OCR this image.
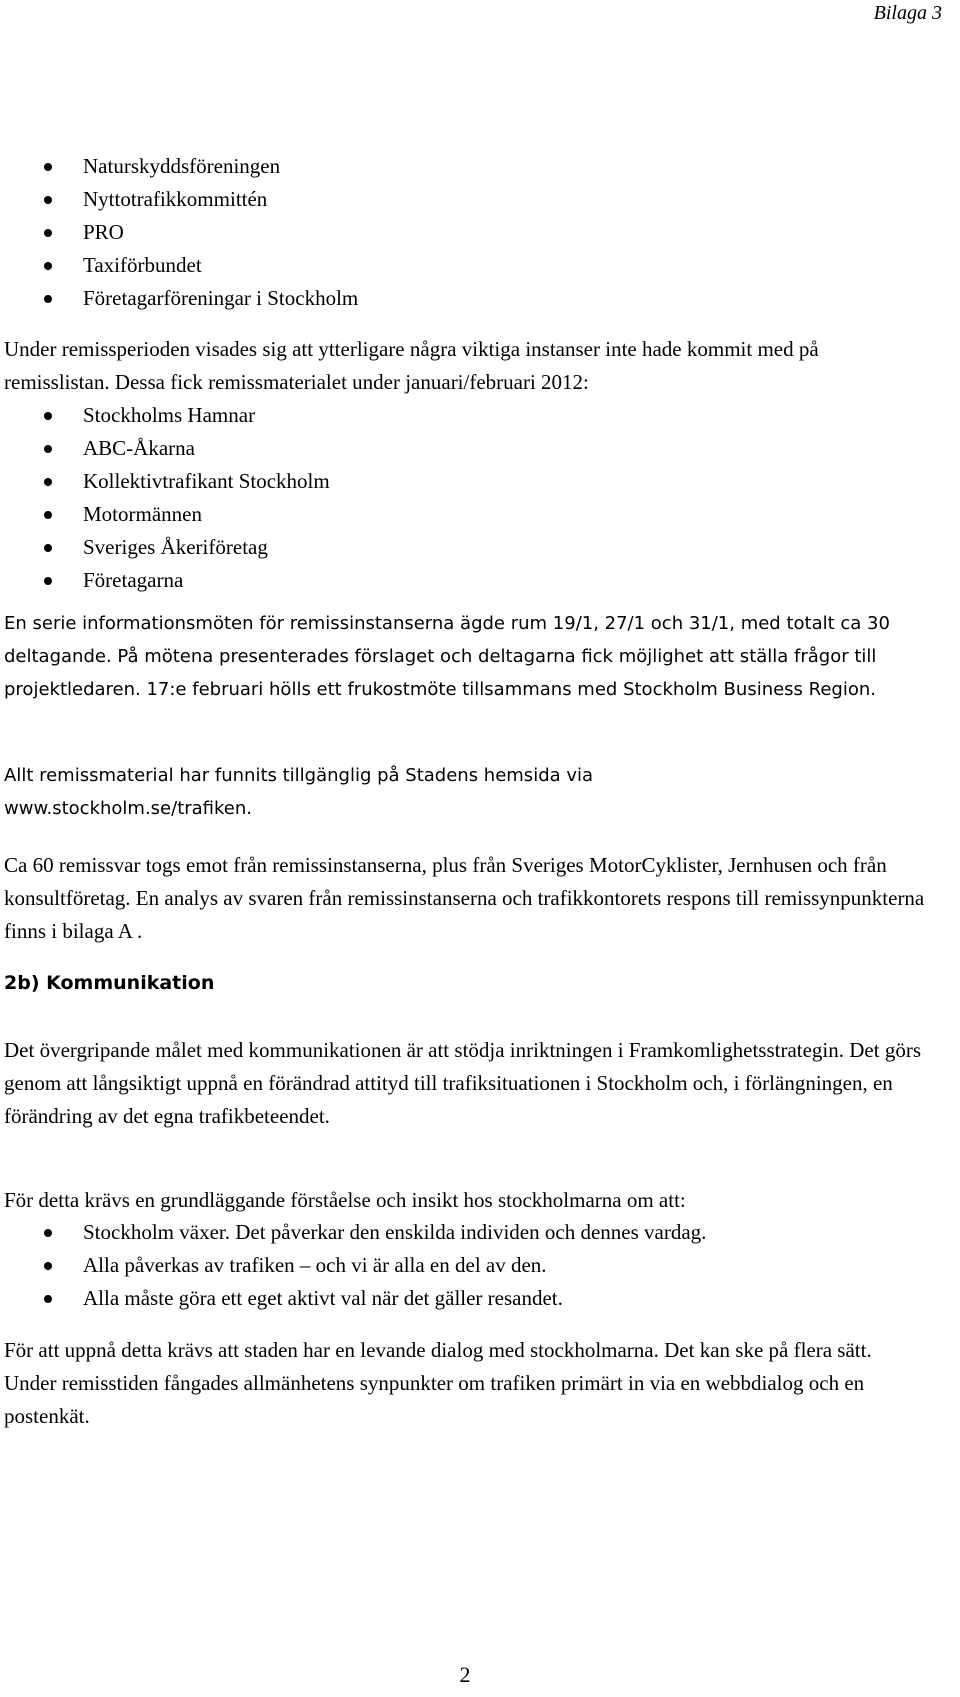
Bilaga 3
Naturskyddsföreningen
Nyttotrafikkommittén
PRO
Taxiförbundet
Företagarföreningar i Stockholm

Under remissperioden visades sig att ytterligare några viktiga instanser inte hade kommit med på remisslistan. Dessa fick remissmaterialet under januari/februari 2012:

Stockholms Hamnar
ABC-Åkarna
Kollektivtrafikant Stockholm
Motormännen
Sveriges Åkeriföretag
Företagarna

En serie informationsmöten för remissinstanserna ägde rum 19/1, 27/1 och 31/1, med totalt ca 30 deltagande. På mötena presenterades förslaget och deltagarna fick möjlighet att ställa frågor till projektledaren. 17:e februari hölls ett frukostmöte tillsammans med Stockholm Business Region.

Allt remissmaterial har funnits tillgänglig på Stadens hemsida via www.stockholm.se/trafiken.

Ca 60 remissvar togs emot från remissinstanserna, plus från Sveriges MotorCyklister, Jernhusen och från konsultföretag. En analys av svaren från remissinstanserna och trafikkontorets respons till remissynpunkterna finns i bilaga A .

2b) Kommunikation

Det övergripande målet med kommunikationen är att stödja inriktningen i Framkomlighetsstrategin. Det görs genom att långsiktigt uppnå en förändrad attityd till trafiksituationen i Stockholm och, i förlängningen, en förändring av det egna trafikbeteendet.

För detta krävs en grundläggande förståelse och insikt hos stockholmarna om att:

Stockholm växer. Det påverkar den enskilda individen och dennes vardag.
Alla påverkas av trafiken – och vi är alla en del av den.
Alla måste göra ett eget aktivt val när det gäller resandet.

För att uppnå detta krävs att staden har en levande dialog med stockholmarna. Det kan ske på flera sätt. Under remisstiden fångades allmänhetens synpunkter om trafiken primärt in via en webbdialog och en postenkät.

2
